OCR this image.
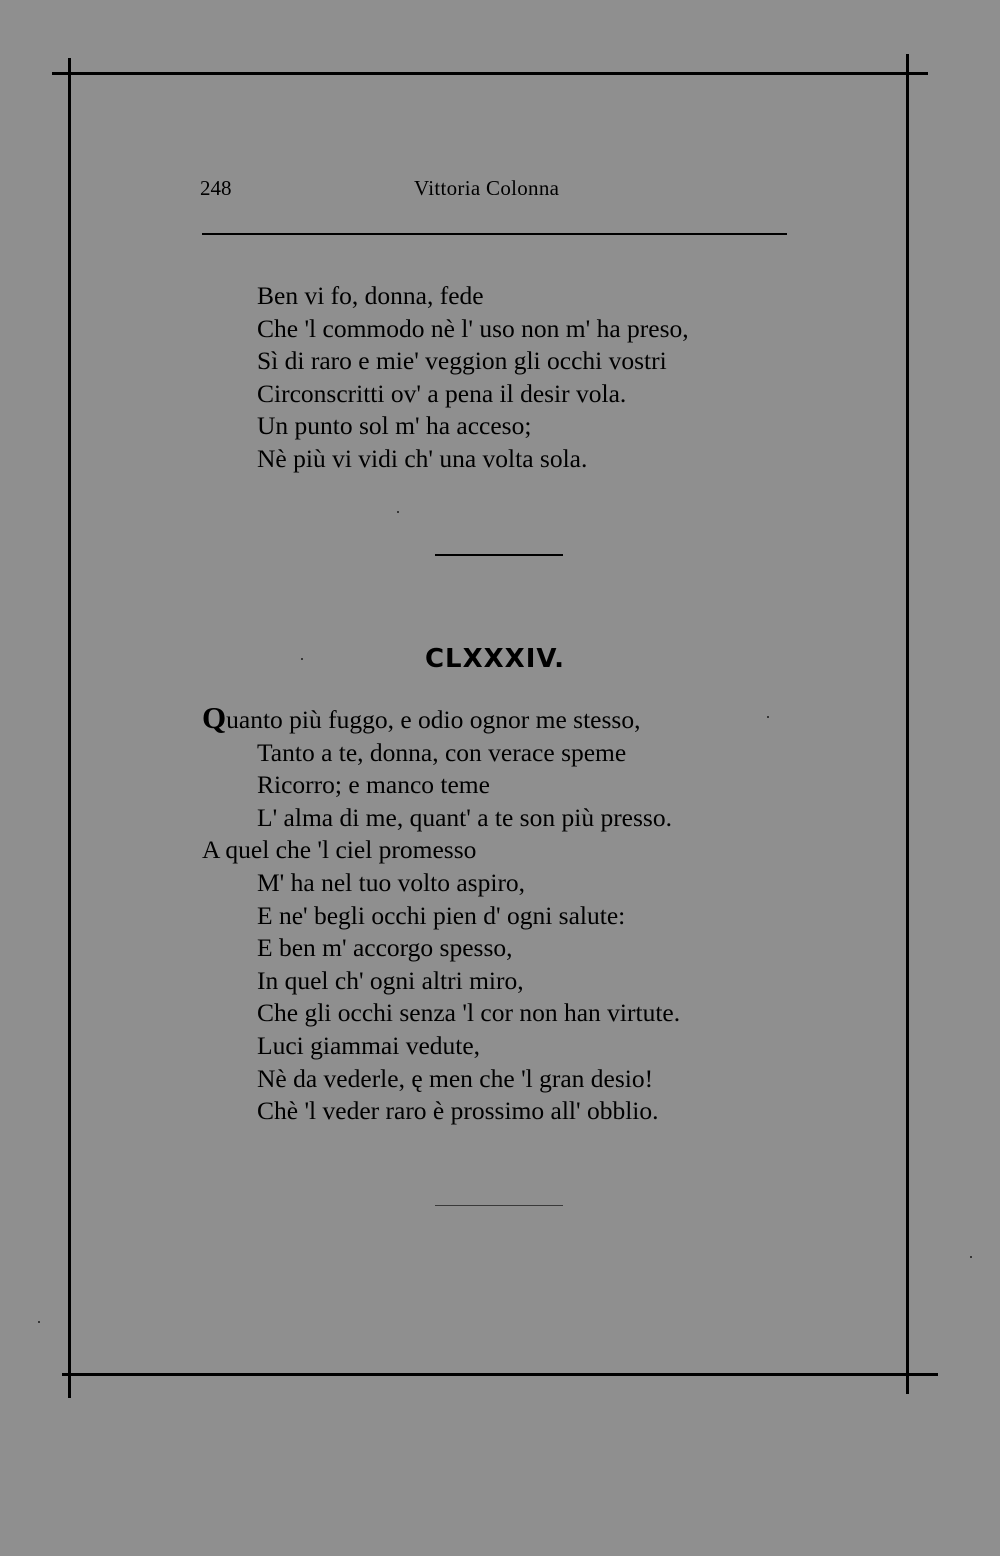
248	Vittoria Colonna
Ben vi fo, donna, fede
Che 'l commodo nè l' uso non m' ha preso,
Sì di raro e mie' veggion gli occhi vostri
Circonscritti ov' a pena il desir vola.
Un punto sol m' ha acceso;
Nè più vi vidi ch' una volta sola.
CLXXXIV.
Quanto più fuggo, e odio ognor me stesso,
Tanto a te, donna, con verace speme
Ricorro; e manco teme
L' alma di me, quant' a te son più presso.
A quel che 'l ciel promesso
M' ha nel tuo volto aspiro,
E ne' begli occhi pien d' ogni salute:
E ben m' accorgo spesso,
In quel ch' ogni altri miro,
Che gli occhi senza 'l cor non han virtute.
Luci giammai vedute,
Nè da vederle, ę men che 'l gran desio!
Chè 'l veder raro è prossimo all' obblio.
